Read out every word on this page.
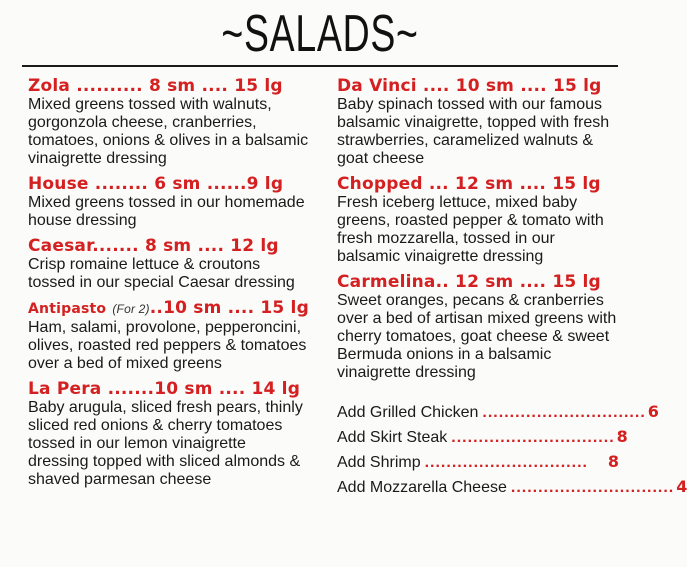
~SALADS~
Zola .......... 8 sm .... 15 lg
Mixed greens tossed with walnuts, gorgonzola cheese, cranberries, tomatoes, onions & olives in a balsamic vinaigrette dressing
House ........ 6 sm ......9 lg
Mixed greens tossed in our homemade house dressing
Caesar....... 8 sm .... 12 lg
Crisp romaine lettuce & croutons tossed in our special Caesar dressing
Antipasto (For 2)..10 sm .... 15 lg
Ham, salami, provolone, pepperoncini, olives, roasted red peppers & tomatoes over a bed of mixed greens
La Pera .......10 sm .... 14 lg
Baby arugula, sliced fresh pears, thinly sliced red onions & cherry tomatoes tossed in our lemon vinaigrette dressing topped with sliced almonds & shaved parmesan cheese
Da Vinci .... 10 sm .... 15 lg
Baby spinach tossed with our famous balsamic vinaigrette, topped with fresh strawberries, caramelized walnuts & goat cheese
Chopped ... 12 sm .... 15 lg
Fresh iceberg lettuce, mixed baby greens, roasted pepper & tomato with fresh mozzarella, tossed in our balsamic vinaigrette dressing
Carmelina.. 12 sm .... 15 lg
Sweet oranges, pecans & cranberries over a bed of artisan mixed greens with cherry tomatoes, goat cheese & sweet Bermuda onions in a balsamic vinaigrette dressing
Add Grilled Chicken .............................. 6
Add Skirt Steak .............................. 8
Add Shrimp ..............................	8
Add Mozzarella Cheese .............................. 4
